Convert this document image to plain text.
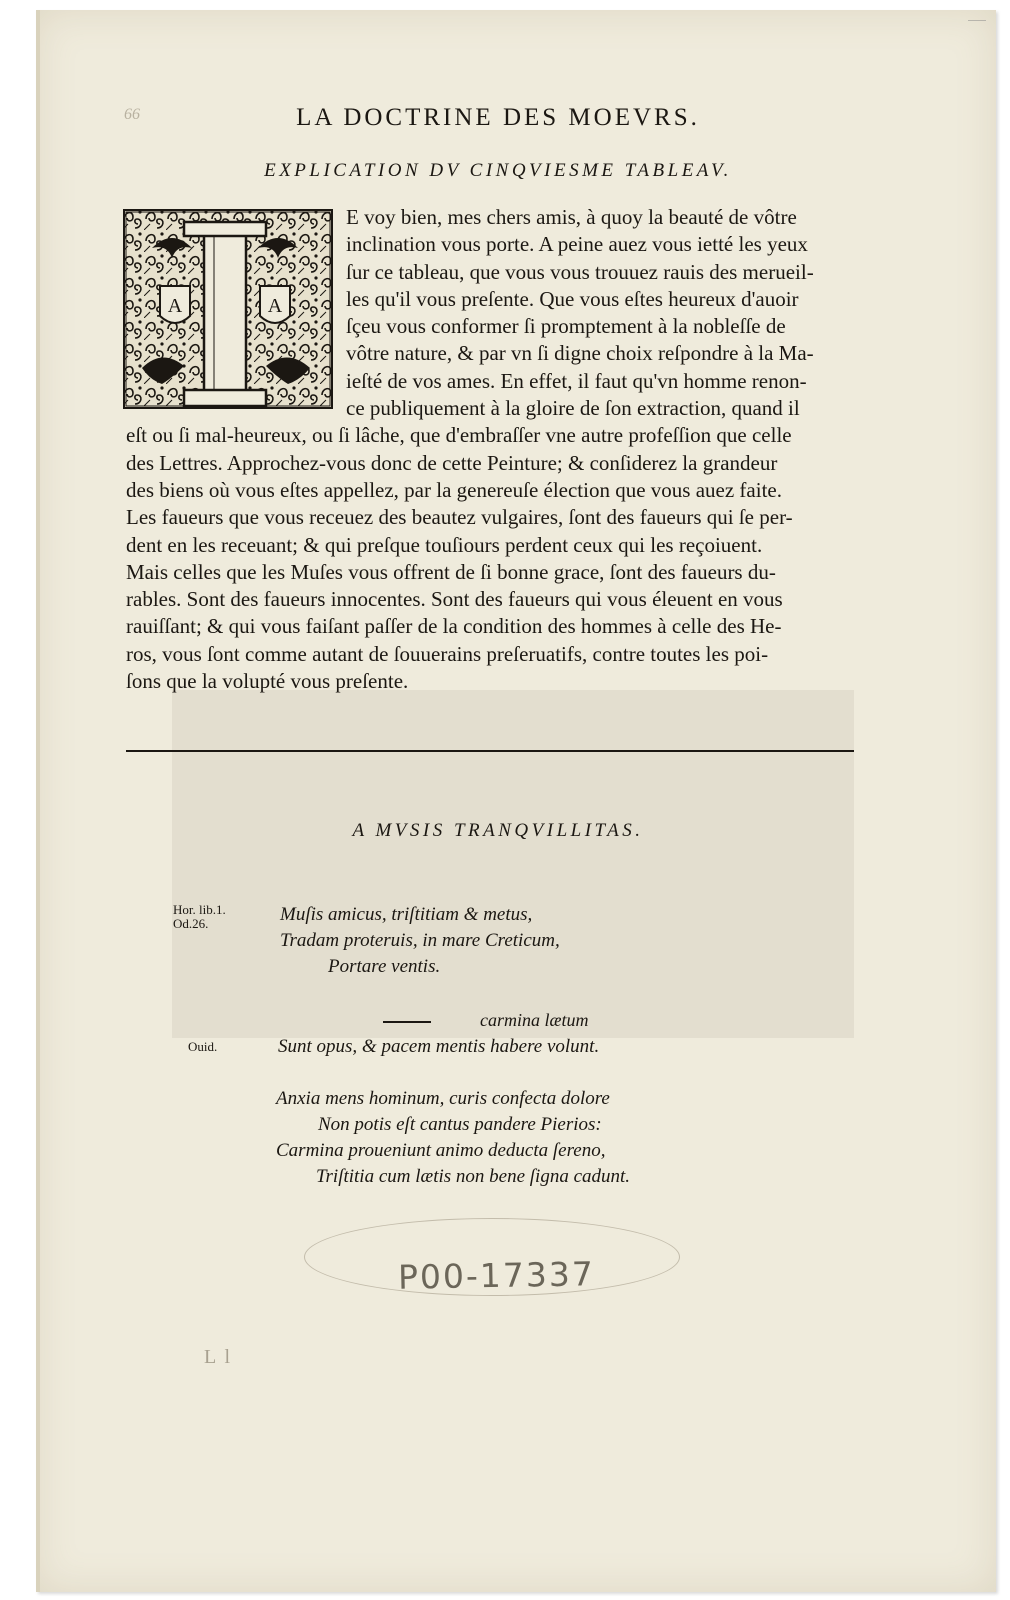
66	LA DOCTRINE DES MOEVRS.
EXPLICATION DV CINQVIESME TABLEAV.
A	A
E voy bien, mes chers amis, à quoy la beauté de vôtre
inclination vous porte. A peine auez vous ietté les yeux
ſur ce tableau, que vous vous trouuez rauis des merueil-
les qu'il vous preſente. Que vous eſtes heureux d'auoir
ſçeu vous conformer ſi promptement à la nobleſſe de
vôtre nature, & par vn ſi digne choix reſpondre à la Ma-
ieſté de vos ames. En effet, il faut qu'vn homme renon-
ce publiquement à la gloire de ſon extraction, quand il
eſt ou ſi mal-heureux, ou ſi lâche, que d'embraſſer vne autre profeſſion que celle
des Lettres. Approchez-vous donc de cette Peinture; & conſiderez la grandeur
des biens où vous eſtes appellez, par la genereuſe élection que vous auez faite.
Les faueurs que vous receuez des beautez vulgaires, ſont des faueurs qui ſe per-
dent en les receuant; & qui preſque touſiours perdent ceux qui les reçoiuent.
Mais celles que les Muſes vous offrent de ſi bonne grace, ſont des faueurs du-
rables. Sont des faueurs innocentes. Sont des faueurs qui vous éleuent en vous
rauiſſant; & qui vous faiſant paſſer de la condition des hommes à celle des He-
ros, vous ſont comme autant de ſouuerains preſeruatifs, contre toutes les poi-
ſons que la volupté vous preſente.
A MVSIS TRANQVILLITAS.
Hor. lib.1.
Od.26.	Muſis amicus, triſtitiam & metus,
Tradam proteruis, in mare Creticum,
Portare ventis.
carmina lætum
Ouid.	Sunt opus, & pacem mentis habere volunt.
Anxia mens hominum, curis confecta dolore
Non potis eſt cantus pandere Pierios:
Carmina proueniunt animo deducta ſereno,
Triſtitia cum lætis non bene ſigna cadunt.
P00-17337
L l
